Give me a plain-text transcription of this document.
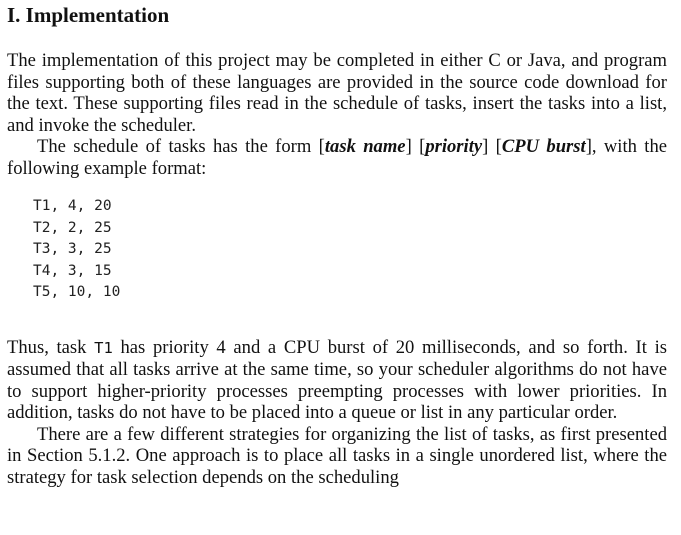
I. Implementation

The implementation of this project may be completed in either C or Java, and program files supporting both of these languages are provided in the source code download for the text. These supporting files read in the schedule of tasks, insert the tasks into a list, and invoke the scheduler.

The schedule of tasks has the form [task name] [priority] [CPU burst], with the following example format:

T1, 4, 20
T2, 2, 25
T3, 3, 25
T4, 3, 15
T5, 10, 10

Thus, task T1 has priority 4 and a CPU burst of 20 milliseconds, and so forth. It is assumed that all tasks arrive at the same time, so your scheduler algorithms do not have to support higher-priority processes preempting processes with lower priorities. In addition, tasks do not have to be placed into a queue or list in any particular order.

There are a few different strategies for organizing the list of tasks, as first presented in Section 5.1.2. One approach is to place all tasks in a single unordered list, where the strategy for task selection depends on the scheduling
